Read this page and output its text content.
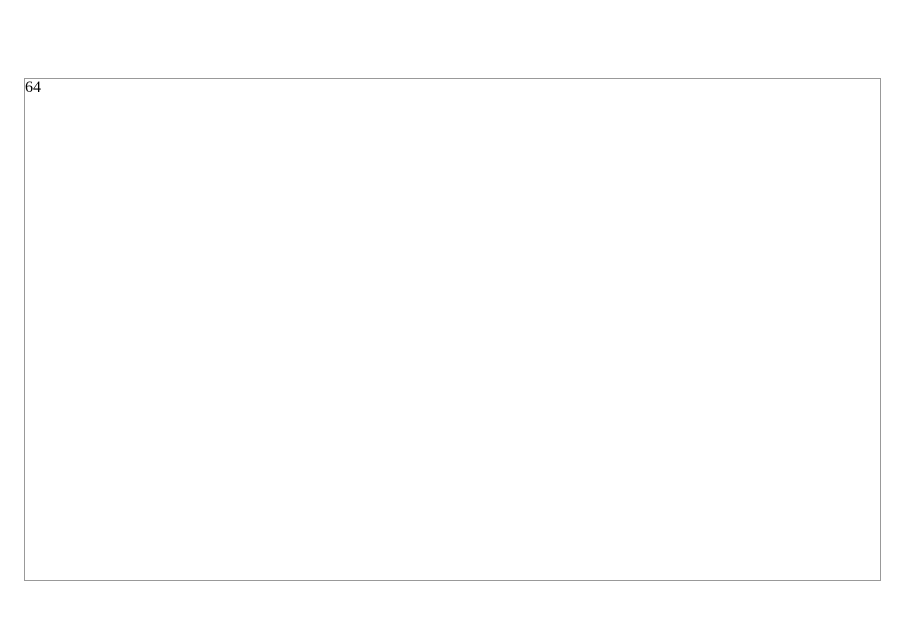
64
